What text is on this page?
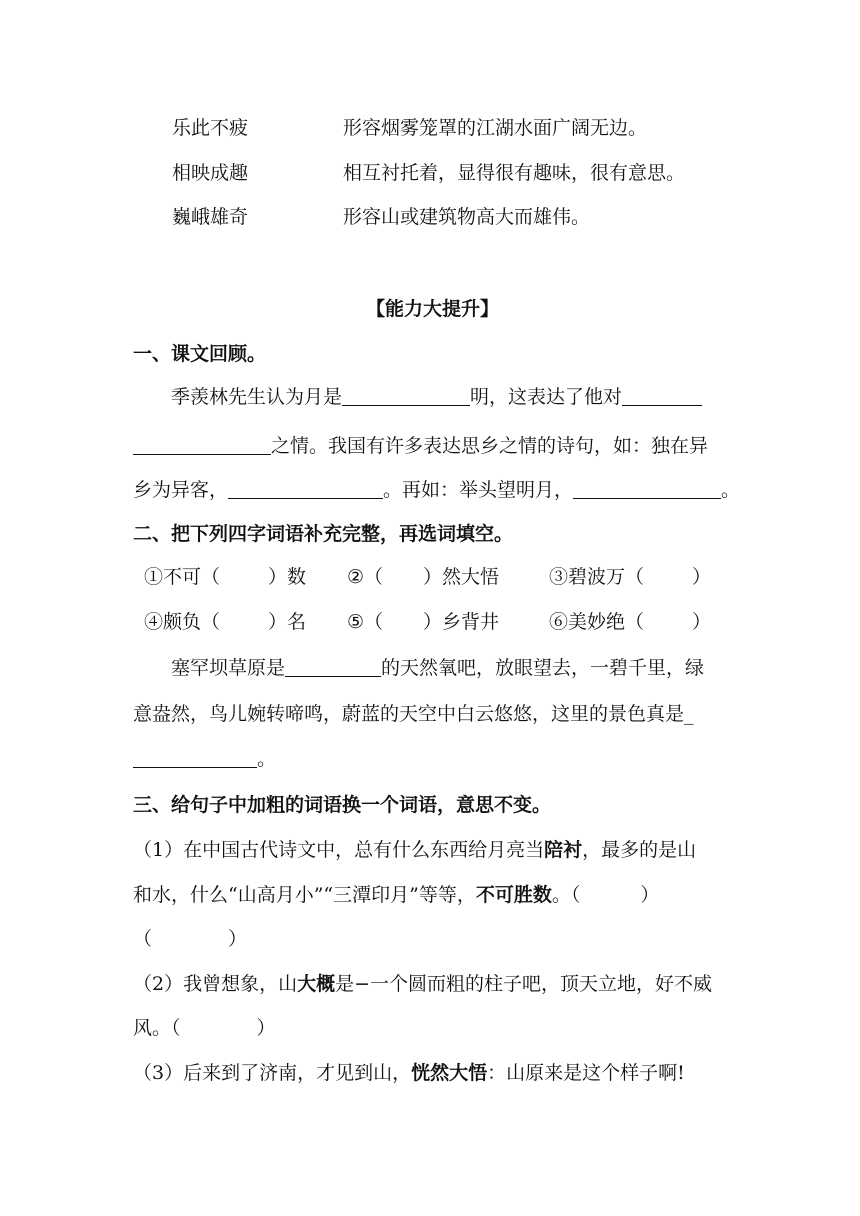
乐此不疲	形容烟雾笼罩的江湖水面广阔无边。
相映成趣	相互衬托着，显得很有趣味，很有意思。
巍峨雄奇	形容山或建筑物高大而雄伟。
【能力大提升】
一、课文回顾。
季羡林先生认为月是	明，这表达了他对
之情。我国有许多表达思乡之情的诗句，如：独在异
乡为异客，	。再如：举头望明月，	。
二、把下列四字词语补充完整，再选词填空。
①不可（	）数 ②（ ）然大悟	③碧波万（	）
④颇负（	）名 ⑤（ ）乡背井	⑥美妙绝（	）
塞罕坝草原是	的天然氧吧，放眼望去，一碧千里，绿
意盎然，鸟儿婉转啼鸣，蔚蓝的天空中白云悠悠，这里的景色真是_
。
三、给句子中加粗的词语换一个词语，意思不变。
（1）在中国古代诗文中，总有什么东西给月亮当陪衬，最多的是山
和水，什么“山高月小”“三潭印月”等等，不可胜数。（	）
（	）
（2）我曾想象，山大概是−一个圆而粗的柱子吧，顶天立地，好不威
风。（	）
（3）后来到了济南，才见到山，恍然大悟：山原来是这个样子啊!
